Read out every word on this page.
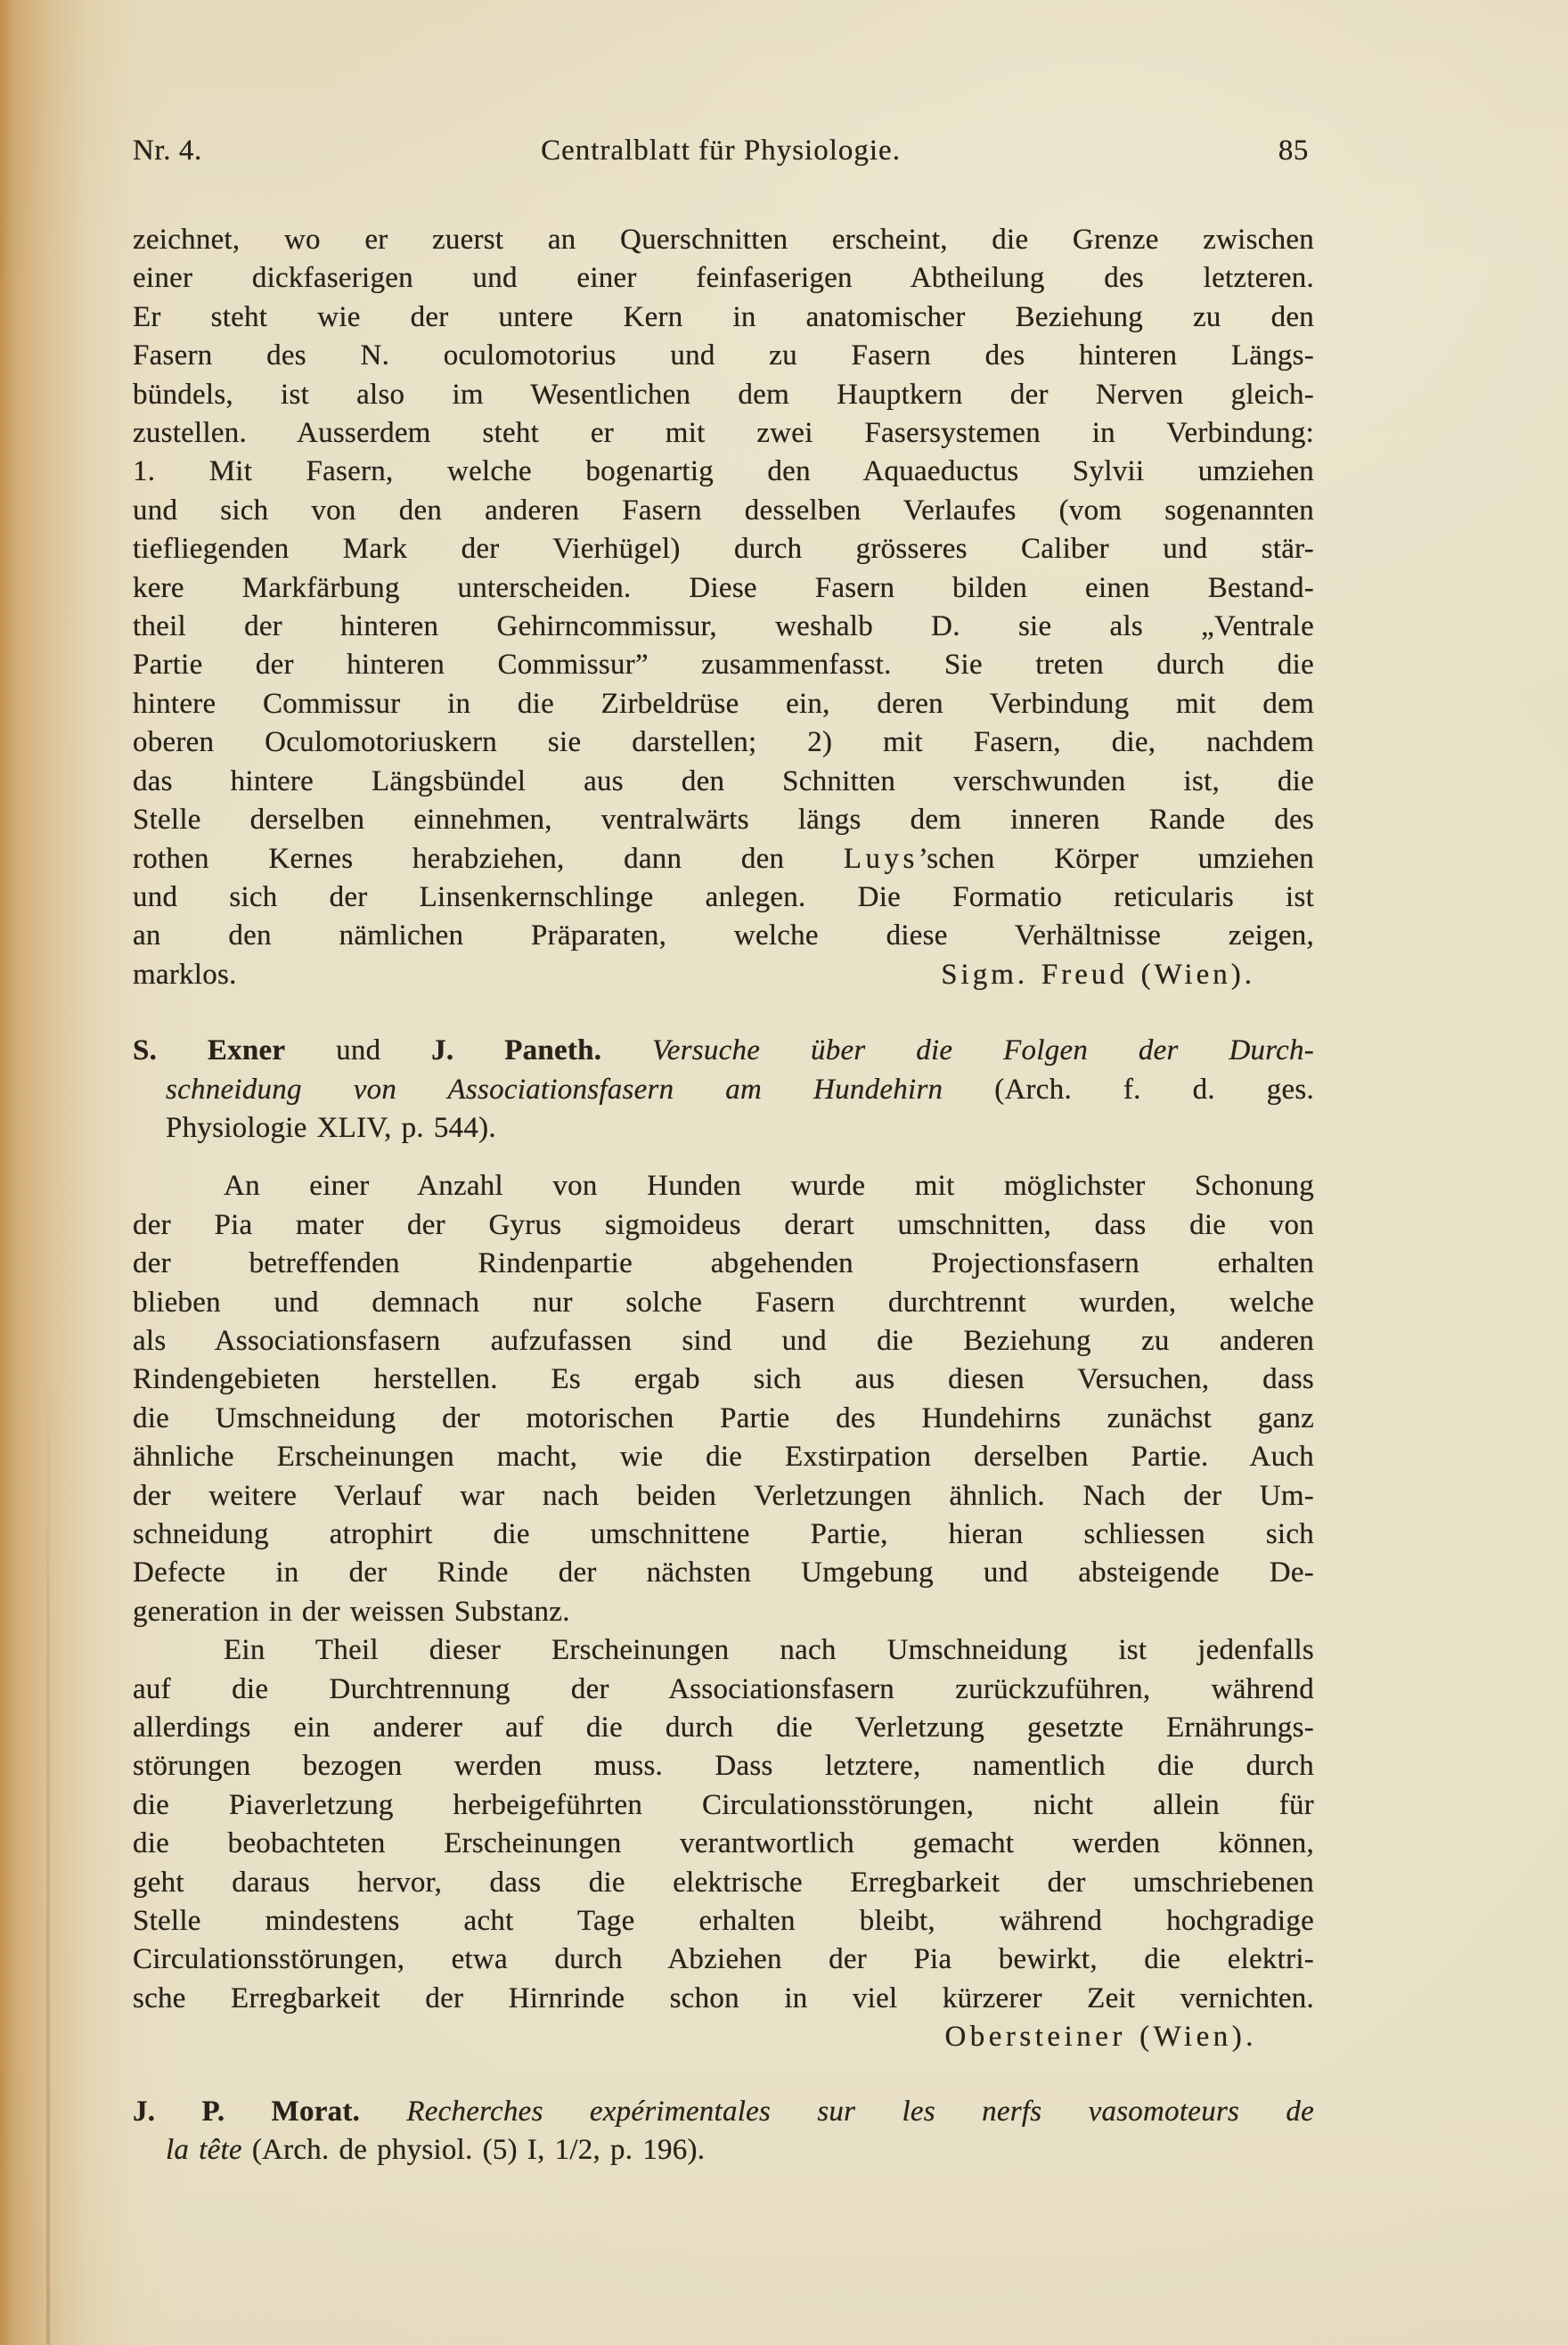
Nr. 4.	Centralblatt für Physiologie.	85
zeichnet, wo er zuerst an Querschnitten erscheint, die Grenze zwischen
einer dickfaserigen und einer feinfaserigen Abtheilung des letzteren.
Er steht wie der untere Kern in anatomischer Beziehung zu den
Fasern des N. oculomotorius und zu Fasern des hinteren Längs-
bündels, ist also im Wesentlichen dem Hauptkern der Nerven gleich-
zustellen. Ausserdem steht er mit zwei Fasersystemen in Verbindung:
1. Mit Fasern, welche bogenartig den Aquaeductus Sylvii umziehen
und sich von den anderen Fasern desselben Verlaufes (vom sogenannten
tiefliegenden Mark der Vierhügel) durch grösseres Caliber und stär-
kere Markfärbung unterscheiden. Diese Fasern bilden einen Bestand-
theil der hinteren Gehirncommissur, weshalb D. sie als „Ventrale
Partie der hinteren Commissur” zusammenfasst. Sie treten durch die
hintere Commissur in die Zirbeldrüse ein, deren Verbindung mit dem
oberen Oculomotoriuskern sie darstellen; 2) mit Fasern, die, nachdem
das hintere Längsbündel aus den Schnitten verschwunden ist, die
Stelle derselben einnehmen, ventralwärts längs dem inneren Rande des
rothen Kernes herabziehen, dann den Luys’schen Körper umziehen
und sich der Linsenkernschlinge anlegen. Die Formatio reticularis ist
an den nämlichen Präparaten, welche diese Verhältnisse zeigen,
marklos.	Sigm. Freud (Wien).
S. Exner und J. Paneth. Versuche über die Folgen der Durch-
schneidung von Associationsfasern am Hundehirn (Arch. f. d. ges.
Physiologie XLIV, p. 544).
An einer Anzahl von Hunden wurde mit möglichster Schonung
der Pia mater der Gyrus sigmoideus derart umschnitten, dass die von
der betreffenden Rindenpartie abgehenden Projectionsfasern erhalten
blieben und demnach nur solche Fasern durchtrennt wurden, welche
als Associationsfasern aufzufassen sind und die Beziehung zu anderen
Rindengebieten herstellen. Es ergab sich aus diesen Versuchen, dass
die Umschneidung der motorischen Partie des Hundehirns zunächst ganz
ähnliche Erscheinungen macht, wie die Exstirpation derselben Partie. Auch
der weitere Verlauf war nach beiden Verletzungen ähnlich. Nach der Um-
schneidung atrophirt die umschnittene Partie, hieran schliessen sich
Defecte in der Rinde der nächsten Umgebung und absteigende De-
generation in der weissen Substanz.
Ein Theil dieser Erscheinungen nach Umschneidung ist jedenfalls
auf die Durchtrennung der Associationsfasern zurückzuführen, während
allerdings ein anderer auf die durch die Verletzung gesetzte Ernährungs-
störungen bezogen werden muss. Dass letztere, namentlich die durch
die Piaverletzung herbeigeführten Circulationsstörungen, nicht allein für
die beobachteten Erscheinungen verantwortlich gemacht werden können,
geht daraus hervor, dass die elektrische Erregbarkeit der umschriebenen
Stelle mindestens acht Tage erhalten bleibt, während hochgradige
Circulationsstörungen, etwa durch Abziehen der Pia bewirkt, die elektri-
sche Erregbarkeit der Hirnrinde schon in viel kürzerer Zeit vernichten.
Obersteiner (Wien).
J. P. Morat. Recherches expérimentales sur les nerfs vasomoteurs de
la tête (Arch. de physiol. (5) I, 1/2, p. 196).
